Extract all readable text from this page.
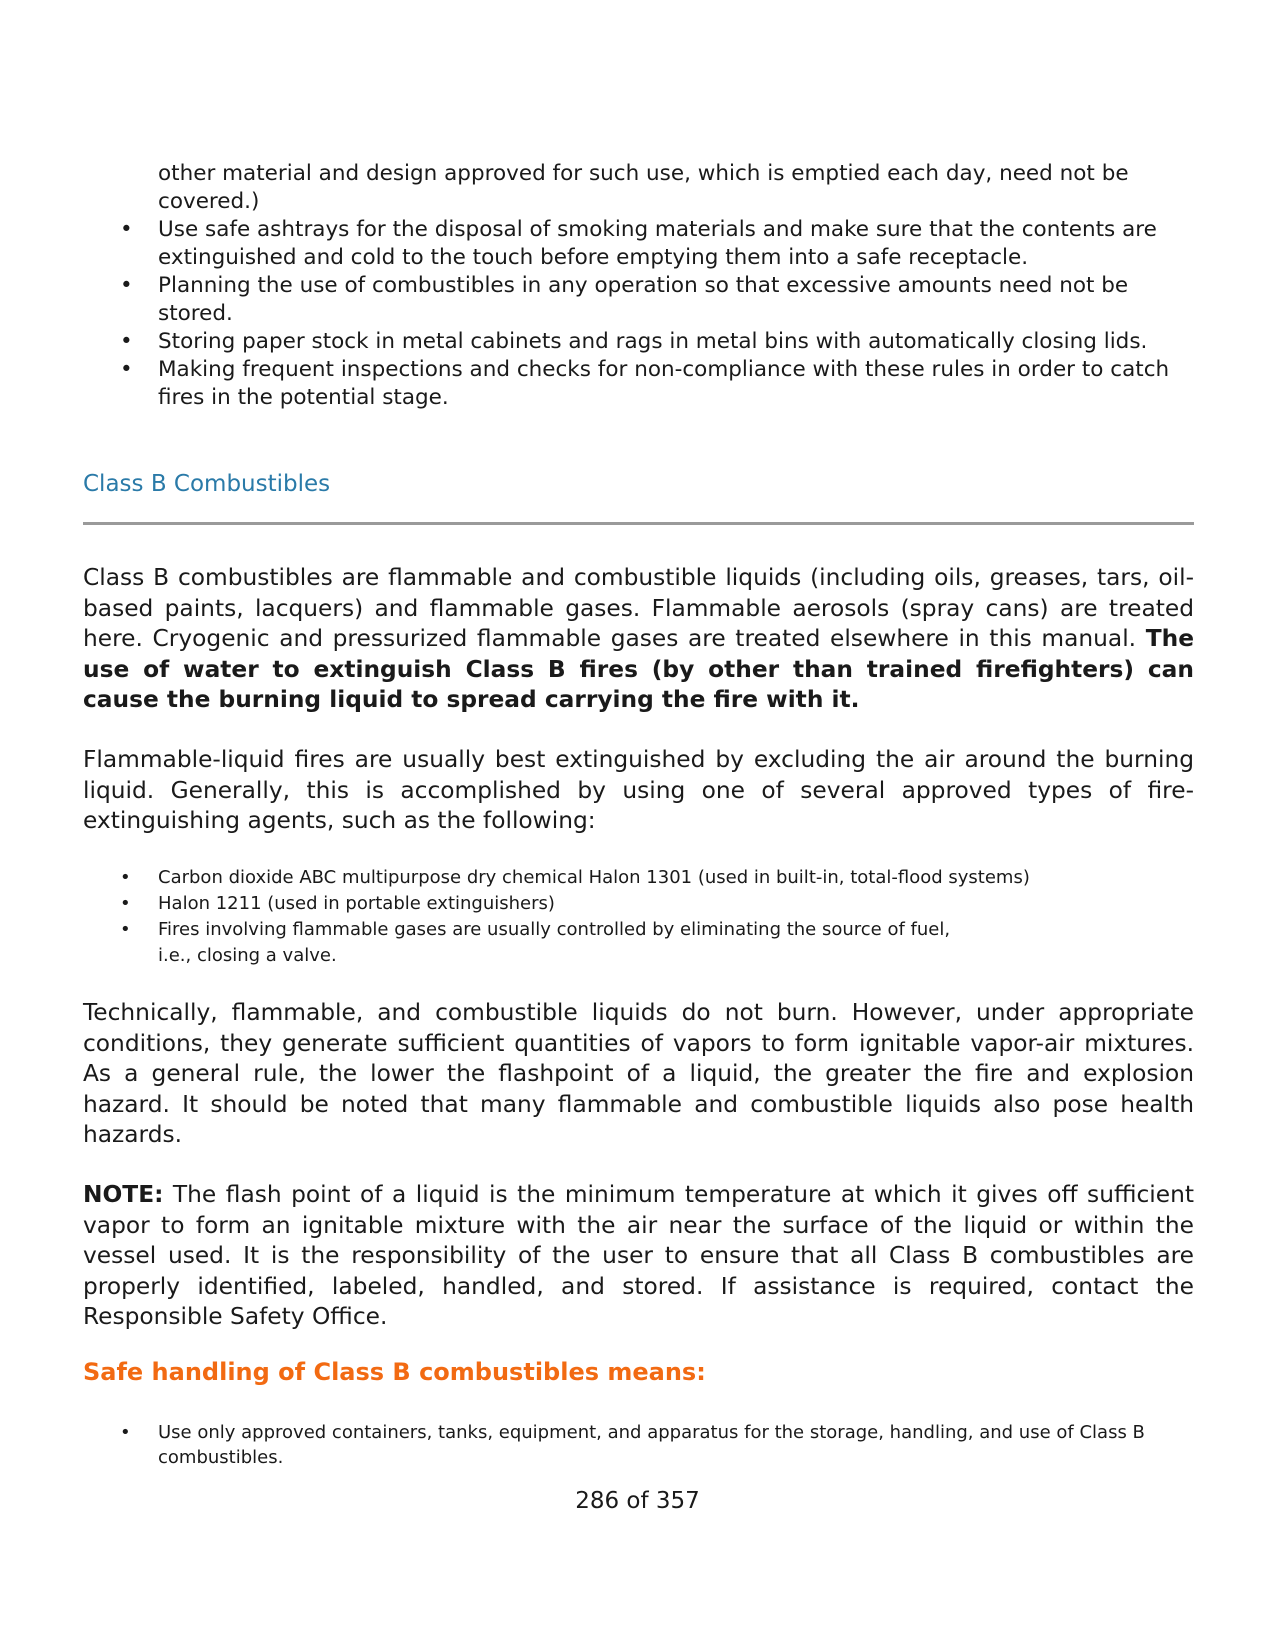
other material and design approved for such use, which is emptied each day, need not be covered.)
• Use safe ashtrays for the disposal of smoking materials and make sure that the contents are extinguished and cold to the touch before emptying them into a safe receptacle.
• Planning the use of combustibles in any operation so that excessive amounts need not be stored.
• Storing paper stock in metal cabinets and rags in metal bins with automatically closing lids.
• Making frequent inspections and checks for non-compliance with these rules in order to catch fires in the potential stage.
Class B Combustibles

Class B combustibles are flammable and combustible liquids (including oils, greases, tars, oil-based paints, lacquers) and flammable gases. Flammable aerosols (spray cans) are treated here. Cryogenic and pressurized flammable gases are treated elsewhere in this manual. The use of water to extinguish Class B fires (by other than trained firefighters) can cause the burning liquid to spread carrying the fire with it.

Flammable-liquid fires are usually best extinguished by excluding the air around the burning liquid. Generally, this is accomplished by using one of several approved types of fire-extinguishing agents, such as the following:

• Carbon dioxide ABC multipurpose dry chemical Halon 1301 (used in built-in, total-flood systems)
• Halon 1211 (used in portable extinguishers)
• Fires involving flammable gases are usually controlled by eliminating the source of fuel,
i.e., closing a valve.

Technically, flammable, and combustible liquids do not burn. However, under appropriate conditions, they generate sufficient quantities of vapors to form ignitable vapor-air mixtures. As a general rule, the lower the flashpoint of a liquid, the greater the fire and explosion hazard. It should be noted that many flammable and combustible liquids also pose health hazards.

NOTE: The flash point of a liquid is the minimum temperature at which it gives off sufficient vapor to form an ignitable mixture with the air near the surface of the liquid or within the vessel used. It is the responsibility of the user to ensure that all Class B combustibles are properly identified, labeled, handled, and stored. If assistance is required, contact the Responsible Safety Office.

Safe handling of Class B combustibles means:
• Use only approved containers, tanks, equipment, and apparatus for the storage, handling, and use of Class B combustibles.
286 of 357
